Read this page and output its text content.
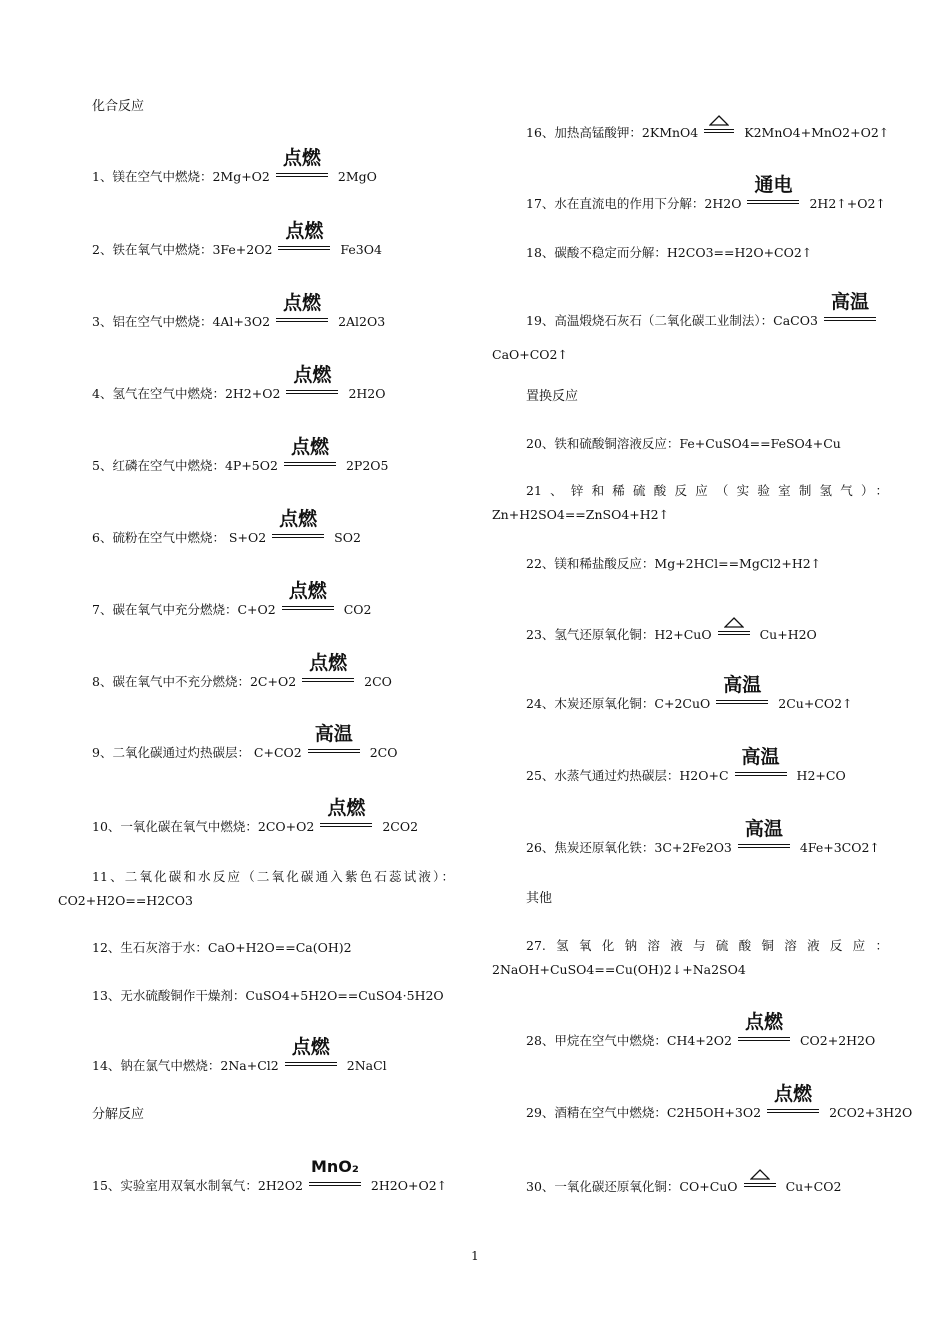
化合反应
1、镁在空气中燃烧：2Mg+O2
点燃
2MgO
2、铁在氧气中燃烧：3Fe+2O2
点燃
Fe3O4
3、铝在空气中燃烧：4Al+3O2
点燃
2Al2O3
4、氢气在空气中燃烧：2H2+O2
点燃
2H2O
5、红磷在空气中燃烧：4P+5O2
点燃
2P2O5
6、硫粉在空气中燃烧： S+O2
点燃
SO2
7、碳在氧气中充分燃烧：C+O2
点燃
CO2
8、碳在氧气中不充分燃烧：2C+O2
点燃
2CO
9、二氧化碳通过灼热碳层： C+CO2
高温
2CO
10、一氧化碳在氧气中燃烧：2CO+O2
点燃
2CO2
11、二氧化碳和水反应（二氧化碳通入紫色石蕊试液）：
CO2+H2O==H2CO3
12、生石灰溶于水：CaO+H2O==Ca(OH)2
13、无水硫酸铜作干燥剂：CuSO4+5H2O==CuSO4·5H2O
14、钠在氯气中燃烧：2Na+Cl2
点燃
2NaCl
分解反应
15、实验室用双氧水制氧气：2H2O2
MnO₂
2H2O+O2↑
16、加热高锰酸钾：2KMnO4	K2MnO4+MnO2+O2↑
17、水在直流电的作用下分解：2H2O
通电
2H2↑+O2↑
18、碳酸不稳定而分解：H2CO3==H2O+CO2↑
19、高温煅烧石灰石（二氧化碳工业制法）：CaCO3
高温
CaO+CO2↑
置换反应
20、铁和硫酸铜溶液反应：Fe+CuSO4==FeSO4+Cu
21、锌和稀硫酸反应（实验室制氢气）：
Zn+H2SO4==ZnSO4+H2↑
22、镁和稀盐酸反应：Mg+2HCl==MgCl2+H2↑
23、氢气还原氧化铜：H2+CuO	Cu+H2O
24、木炭还原氧化铜：C+2CuO
高温
2Cu+CO2↑
25、水蒸气通过灼热碳层：H2O+C
高温
H2+CO
26、焦炭还原氧化铁：3C+2Fe2O3
高温
4Fe+3CO2↑
其他
27.氢氧化钠溶液与硫酸铜溶液反应：
2NaOH+CuSO4==Cu(OH)2↓+Na2SO4
28、甲烷在空气中燃烧：CH4+2O2
点燃
CO2+2H2O
29、酒精在空气中燃烧：C2H5OH+3O2
点燃
2CO2+3H2O
30、一氧化碳还原氧化铜：CO+CuO	Cu+CO2
1
